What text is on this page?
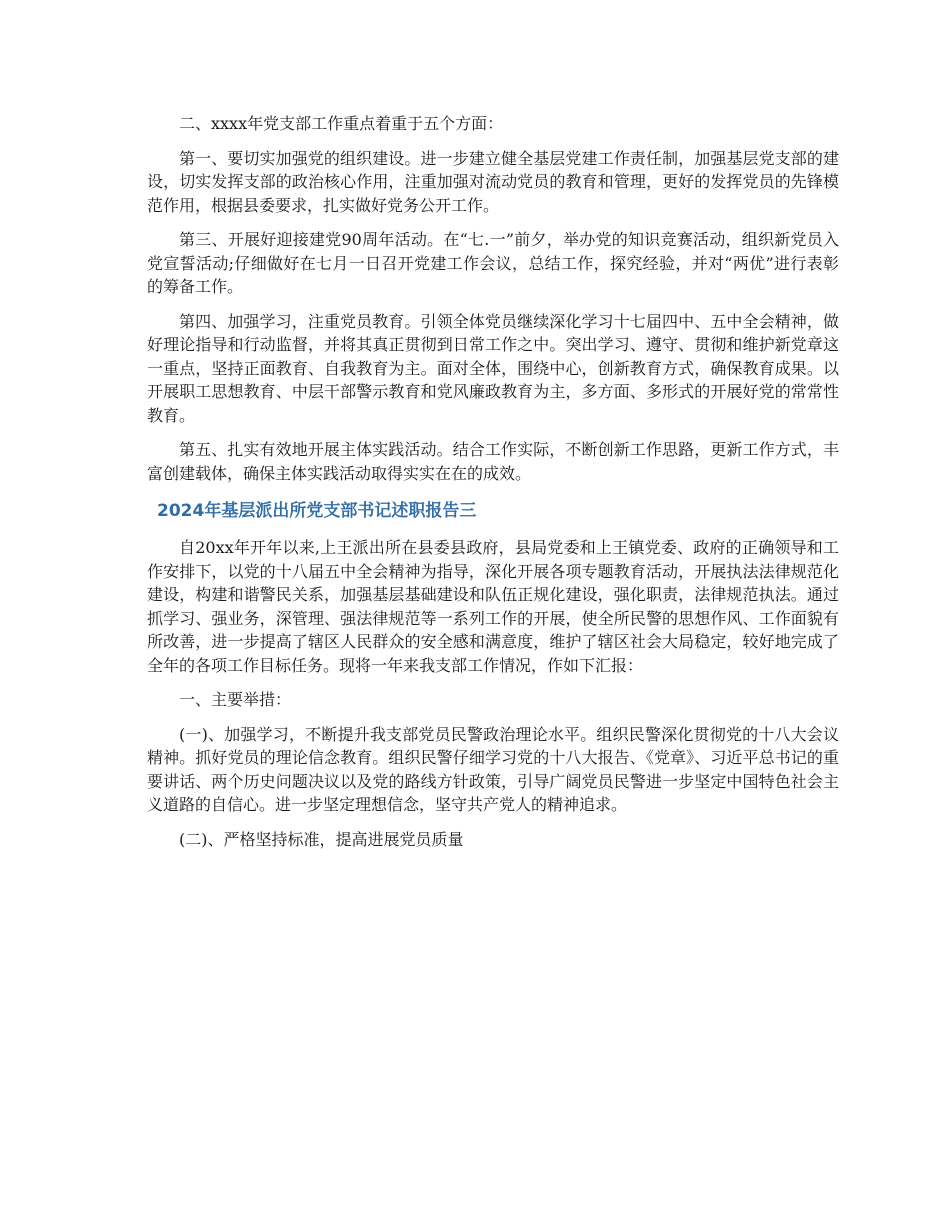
二、xxxx年党支部工作重点着重于五个方面：

第一、要切实加强党的组织建设。进一步建立健全基层党建工作责任制，加强基层党支部的建设，切实发挥支部的政治核心作用，注重加强对流动党员的教育和管理，更好的发挥党员的先锋模范作用，根据县委要求，扎实做好党务公开工作。

第三、开展好迎接建党90周年活动。在“七.一”前夕，举办党的知识竞赛活动，组织新党员入党宣誓活动;仔细做好在七月一日召开党建工作会议，总结工作，探究经验，并对“两优”进行表彰的筹备工作。

第四、加强学习，注重党员教育。引领全体党员继续深化学习十七届四中、五中全会精神，做好理论指导和行动监督，并将其真正贯彻到日常工作之中。突出学习、遵守、贯彻和维护新党章这一重点，坚持正面教育、自我教育为主。面对全体，围绕中心，创新教育方式，确保教育成果。以开展职工思想教育、中层干部警示教育和党风廉政教育为主，多方面、多形式的开展好党的常常性教育。

第五、扎实有效地开展主体实践活动。结合工作实际，不断创新工作思路，更新工作方式，丰富创建载体，确保主体实践活动取得实实在在的成效。

2024年基层派出所党支部书记述职报告三

自20xx年开年以来,上王派出所在县委县政府，县局党委和上王镇党委、政府的正确领导和工作安排下，以党的十八届五中全会精神为指导，深化开展各项专题教育活动，开展执法法律规范化建设，构建和谐警民关系，加强基层基础建设和队伍正规化建设，强化职责，法律规范执法。通过抓学习、强业务，深管理、强法律规范等一系列工作的开展，使全所民警的思想作风、工作面貌有所改善，进一步提高了辖区人民群众的安全感和满意度，维护了辖区社会大局稳定，较好地完成了全年的各项工作目标任务。现将一年来我支部工作情况，作如下汇报：

一、主要举措：

(一)、加强学习，不断提升我支部党员民警政治理论水平。组织民警深化贯彻党的十八大会议精神。抓好党员的理论信念教育。组织民警仔细学习党的十八大报告、《党章》、习近平总书记的重要讲话、两个历史问题决议以及党的路线方针政策，引导广阔党员民警进一步坚定中国特色社会主义道路的自信心。进一步坚定理想信念，坚守共产党人的精神追求。

(二)、严格坚持标准，提高进展党员质量
